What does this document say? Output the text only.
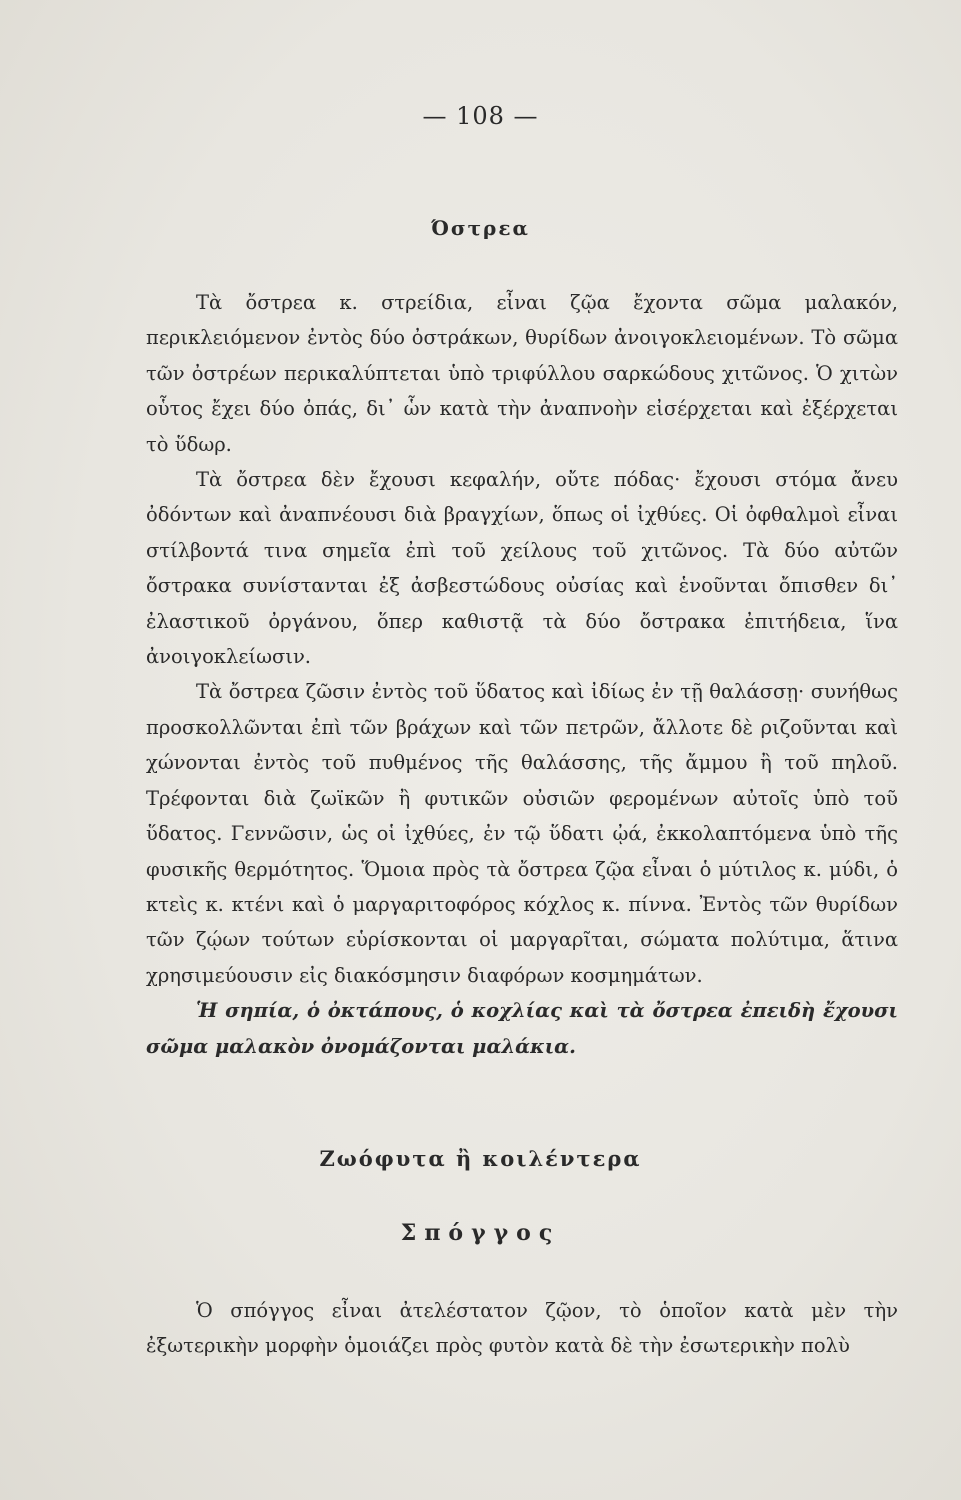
— 108 —
Όστρεα

Τὰ ὄστρεα κ. στρείδια, εἶναι ζῷα ἔχοντα σῶμα μαλακόν, περικλειόμενον ἐντὸς δύο ὀστράκων, θυρίδων ἀνοιγοκλειομένων. Τὸ σῶμα τῶν ὀστρέων περικαλύπτεται ὑπὸ τριφύλλου σαρκώδους χιτῶνος. Ὁ χιτὼν οὗτος ἔχει δύο ὀπάς, δι᾽ ὧν κατὰ τὴν ἀναπνοὴν εἰσέρχεται καὶ ἐξέρχεται τὸ ὕδωρ.

Τὰ ὄστρεα δὲν ἔχουσι κεφαλήν, οὔτε πόδας· ἔχουσι στόμα ἄνευ ὀδόντων καὶ ἀναπνέουσι διὰ βραγχίων, ὅπως οἱ ἰχθύες. Οἱ ὀφθαλμοὶ εἶναι στίλβοντά τινα σημεῖα ἐπὶ τοῦ χείλους τοῦ χιτῶνος. Τὰ δύο αὐτῶν ὄστρακα συνίστανται ἐξ ἀσβεστώδους οὐσίας καὶ ἑνοῦνται ὄπισθεν δι᾽ ἐλαστικοῦ ὀργάνου, ὅπερ καθιστᾷ τὰ δύο ὄστρακα ἐπιτήδεια, ἵνα ἀνοιγοκλείωσιν.

Τὰ ὄστρεα ζῶσιν ἐντὸς τοῦ ὕδατος καὶ ἰδίως ἐν τῇ θαλάσσῃ· συνήθως προσκολλῶνται ἐπὶ τῶν βράχων καὶ τῶν πετρῶν, ἄλλοτε δὲ ριζοῦνται καὶ χώνονται ἐντὸς τοῦ πυθμένος τῆς θαλάσσης, τῆς ἄμμου ἢ τοῦ πηλοῦ. Τρέφονται διὰ ζωϊκῶν ἢ φυτικῶν οὐσιῶν φερομένων αὐτοῖς ὑπὸ τοῦ ὕδατος. Γεννῶσιν, ὡς οἱ ἰχθύες, ἐν τῷ ὕδατι ᾠά, ἐκκολαπτόμενα ὑπὸ τῆς φυσικῆς θερμότητος. Ὅμοια πρὸς τὰ ὄστρεα ζῷα εἶναι ὁ μύτιλος κ. μύδι, ὁ κτεὶς κ. κτένι καὶ ὁ μαργαριτοφόρος κόχλος κ. πίννα. Ἐντὸς τῶν θυρίδων τῶν ζῴων τούτων εὑρίσκονται οἱ μαργαρῖται, σώματα πολύτιμα, ἅτινα χρησιμεύουσιν εἰς διακόσμησιν διαφόρων κοσμημάτων.

Ἡ σηπία, ὁ ὀκτάπους, ὁ κοχλίας καὶ τὰ ὄστρεα ἐπειδὴ ἔχουσι σῶμα μαλακὸν ὀνομάζονται μαλάκια.

Ζωόφυτα ἢ κοιλέντερα
Σπόγγος

Ὁ σπόγγος εἶναι ἀτελέστατον ζῷον, τὸ ὁποῖον κατὰ μὲν τὴν ἐξωτερικὴν μορφὴν ὁμοιάζει πρὸς φυτὸν κατὰ δὲ τὴν ἐσωτερικὴν πολὺ
